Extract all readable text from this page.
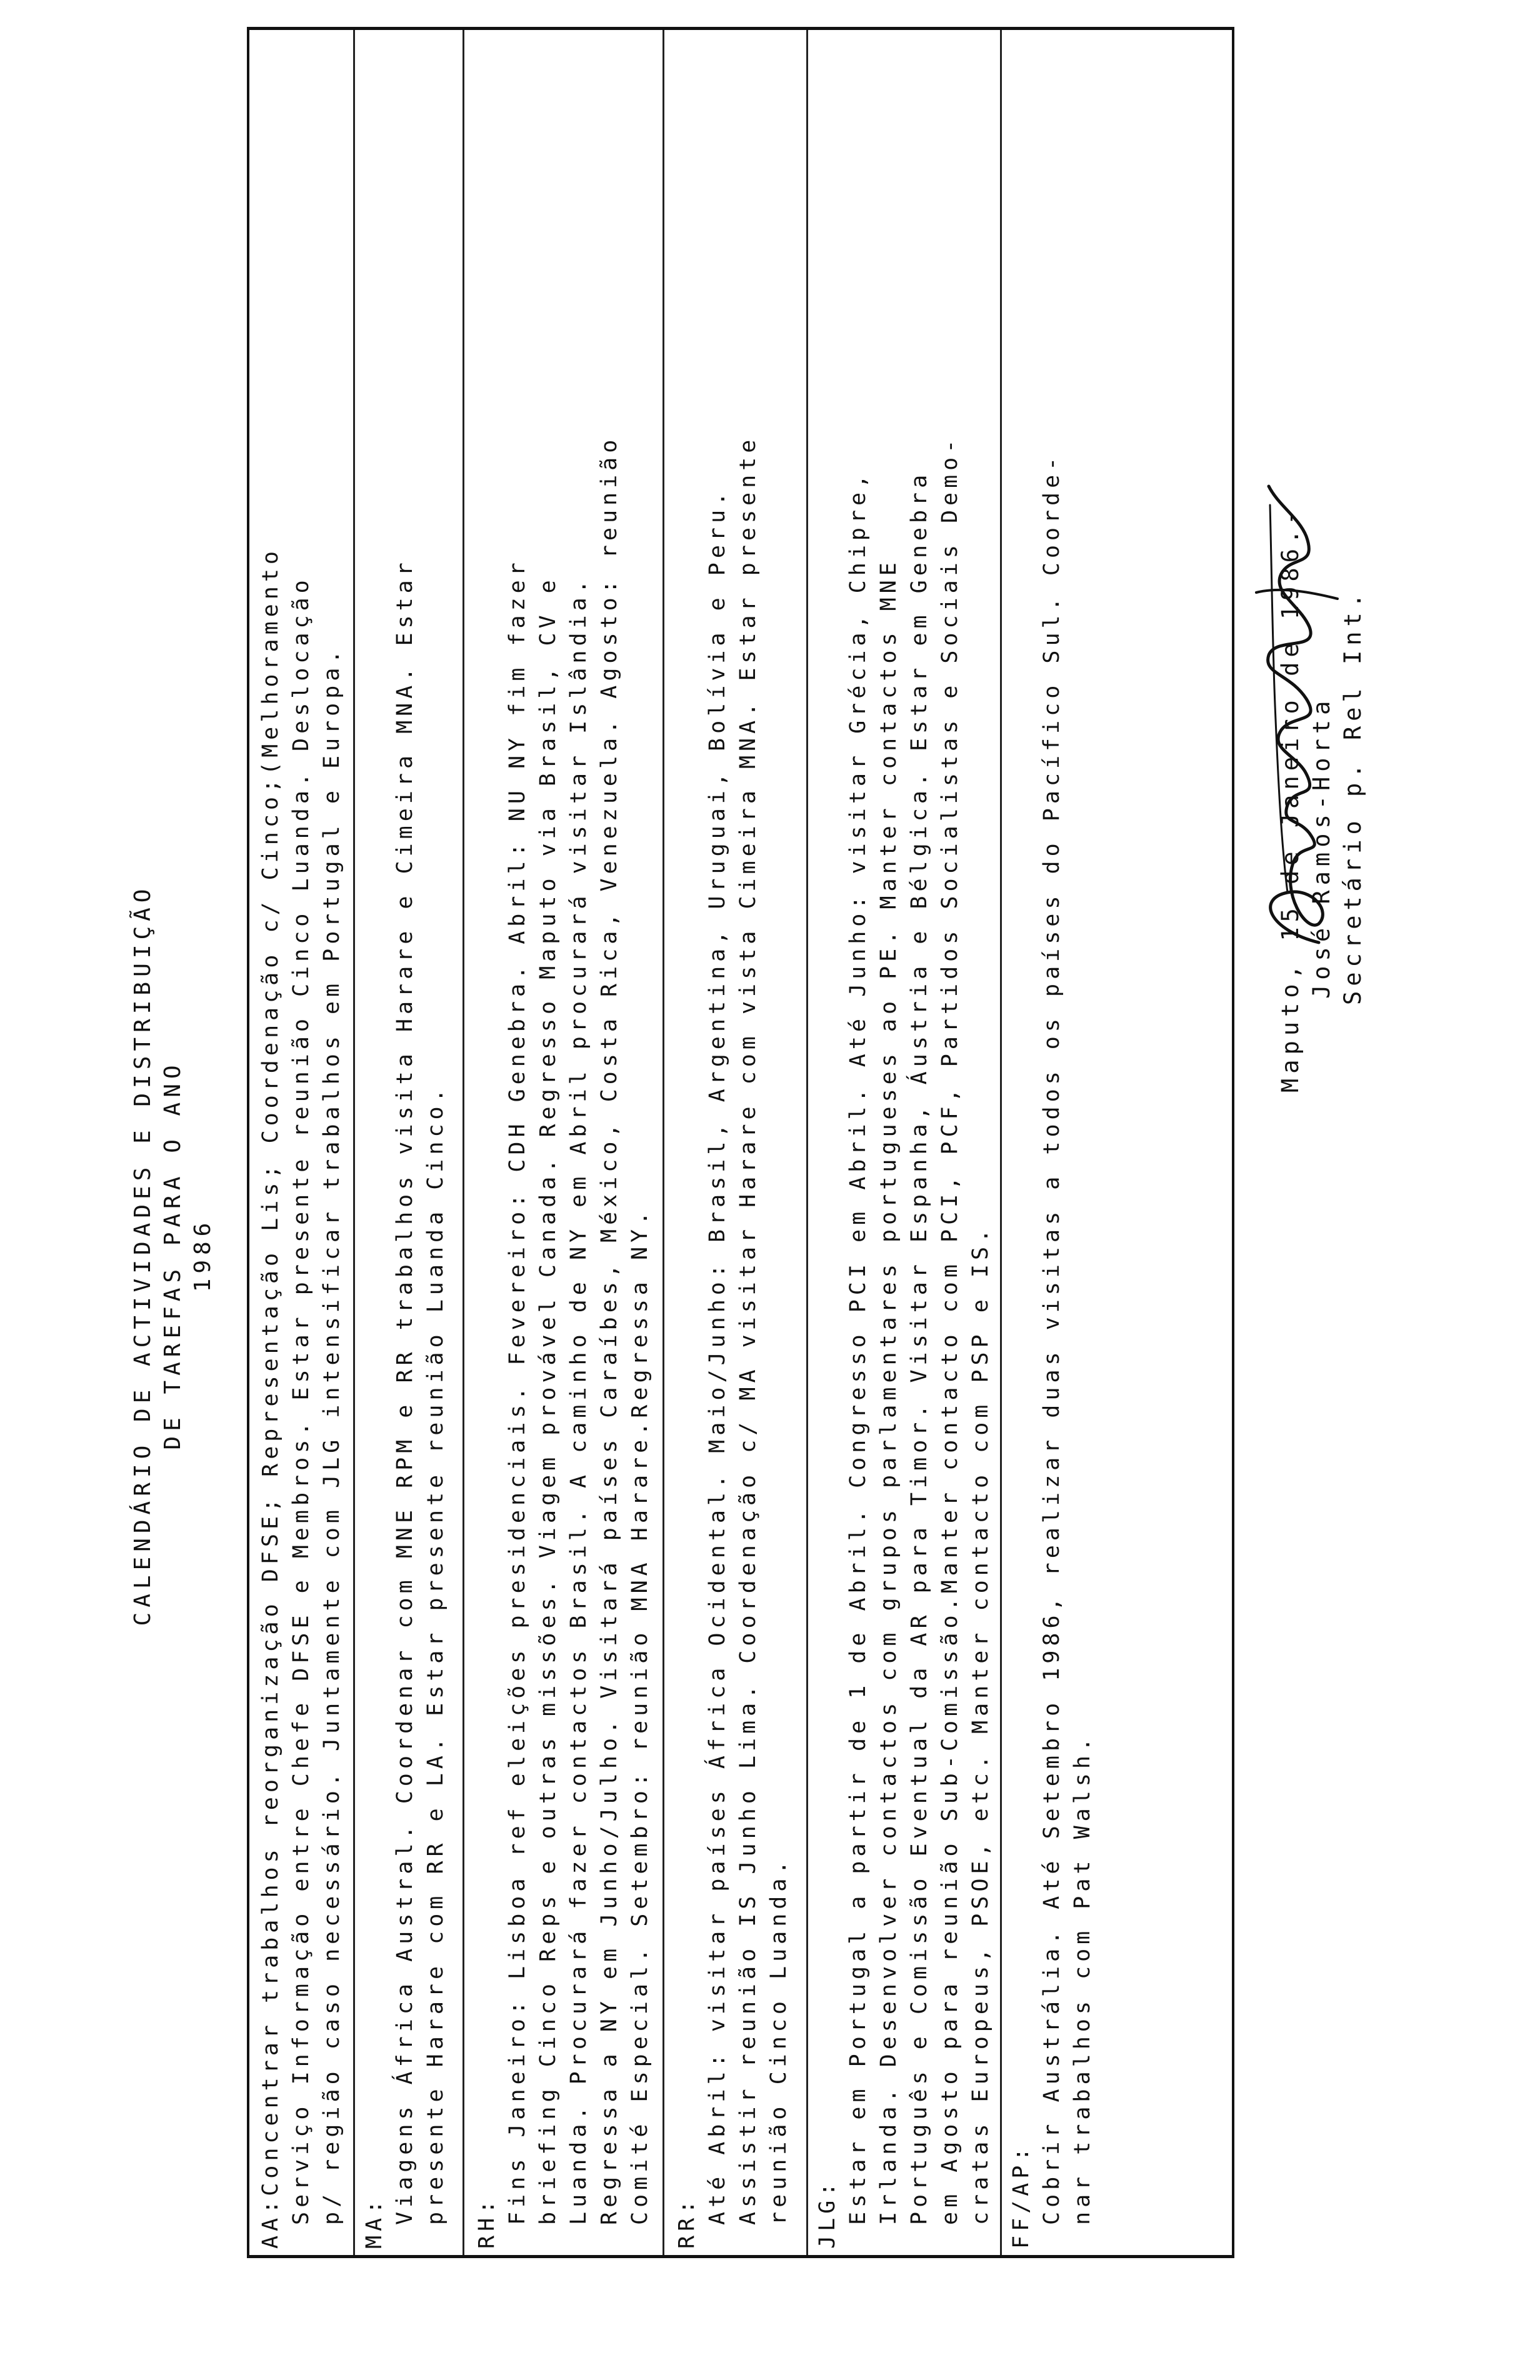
CALENDÁRIO DE ACTIVIDADES E DISTRIBUIÇÃO DE TAREFAS PARA O ANO 1986
AA:Concentrar trabalhos reorganização DFSE; Representação Lis; Coordenação c/ Cinco;(Melhoramento Serviço Informação entre Chefe DFSE e Membros. Estar presente reunião Cinco Luanda. Deslocação p/ região caso necessário. Juntamente com JLG intensificar trabalhos em Portugal e Europa. MA: Viagens África Austral. Coordenar com MNE RPM e RR trabalhos visita Harare e Cimeira MNA. Estar presente Harare com RR e LA. Estar presente reunião Luanda Cinco. RH: Fins Janeiro: Lisboa ref eleições presidenciais. Fevereiro: CDH Genebra. Abril: NU NY fim fazer briefing Cinco Reps e outras missões. Viagem provável Canada. Regresso Maputo via Brasil, CV e Luanda. Procurará fazer contactos Brasil. A caminho de NY em Abril procurará visitar Islândia. Regressa a NY em Junho/Julho. Visitará países Caraíbes, México, Costa Rica, Venezuela. Agosto: reunião Comité Especial. Setembro: reunião MNA Harare.Regressa NY. RR: Até Abril: visitar países África Ocidental. Maio/Junho: Brasil, Argentina, Uruguai, Bolívia e Peru. Assistir reunião IS Junho Lima. Coordenação c/ MA visitar Harare com vista Cimeira MNA. Estar presente reunião Cinco Luanda. JLG: Estar em Portugal a partir de 1 de Abril. Congresso PCI em Abril. Até Junho: visitar Grécia, Chipre, Irlanda. Desenvolver contactos com grupos parlamentares portugueses ao PE. Manter contactos MNE Português e Comissão Eventual da AR para Timor. Visitar Espanha, Áustria e Bélgica. Estar em Genebra em Agosto para reunião Sub-Comissão.Manter contacto com PCI, PCF, Partidos Socialistas e Sociais Demo- cratas Europeus, PSOE, etc. Manter contacto com PSP e IS. FF/AP: Cobrir Austrália. Até Setembro 1986, realizar duas visitas a todos os países do Pacífico Sul. Coorde- nar trabalhos com Pat Walsh.
Maputo, 15 de Janeiro de 1986.- José Ramos-Horta Secretário p. Rel Int.
